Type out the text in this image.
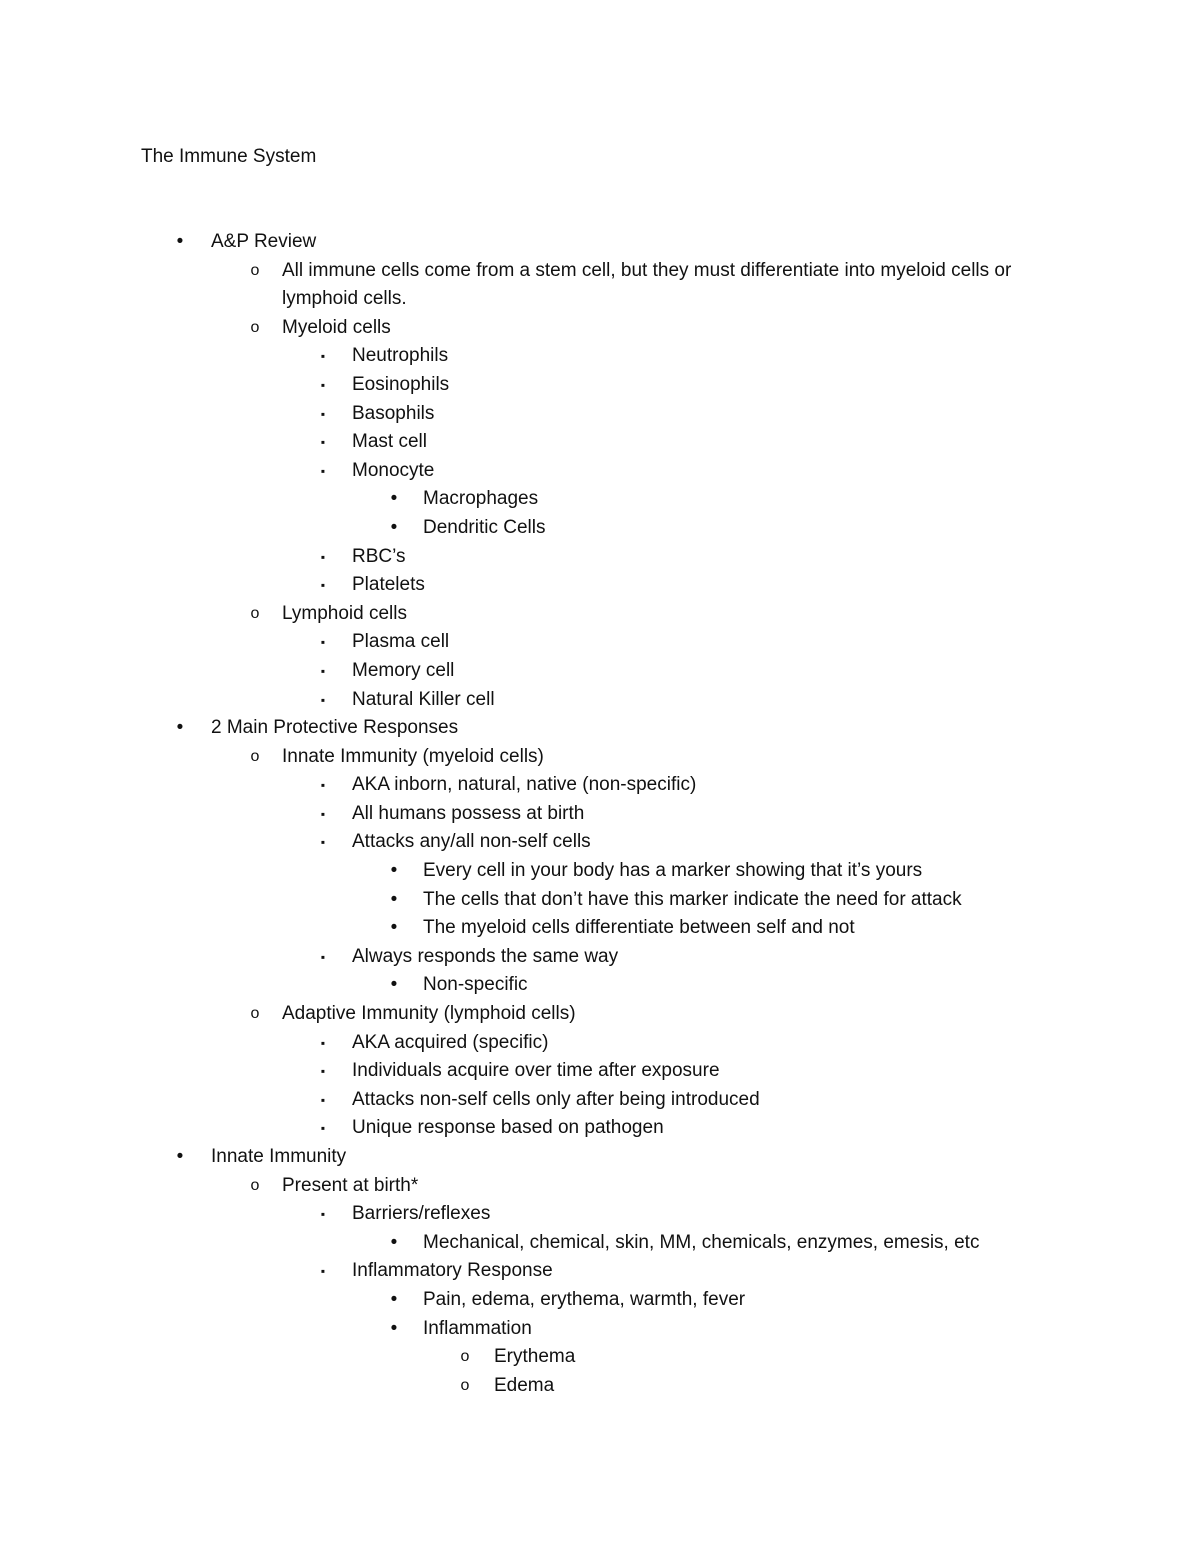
The Immune System
•	A&P Review
o All immune cells come from a stem cell, but they must differentiate into myeloid cells or
lymphoid cells.
o Myeloid cells
▪	Neutrophils
▪	Eosinophils
▪	Basophils
▪	Mast cell
▪	Monocyte
•	Macrophages
•	Dendritic Cells
▪	RBC’s
▪	Platelets
o Lymphoid cells
▪	Plasma cell
▪	Memory cell
▪	Natural Killer cell
•	2 Main Protective Responses
o Innate Immunity (myeloid cells)
▪	AKA inborn, natural, native (non-specific)
▪	All humans possess at birth
▪	Attacks any/all non-self cells
•	Every cell in your body has a marker showing that it’s yours
•	The cells that don’t have this marker indicate the need for attack
•	The myeloid cells differentiate between self and not
▪	Always responds the same way
•	Non-specific
o Adaptive Immunity (lymphoid cells)
▪	AKA acquired (specific)
▪	Individuals acquire over time after exposure
▪	Attacks non-self cells only after being introduced
▪	Unique response based on pathogen
•	Innate Immunity
o Present at birth*
▪	Barriers/reflexes
•	Mechanical, chemical, skin, MM, chemicals, enzymes, emesis, etc
▪	Inflammatory Response
•	Pain, edema, erythema, warmth, fever
•	Inflammation
o Erythema
o Edema
